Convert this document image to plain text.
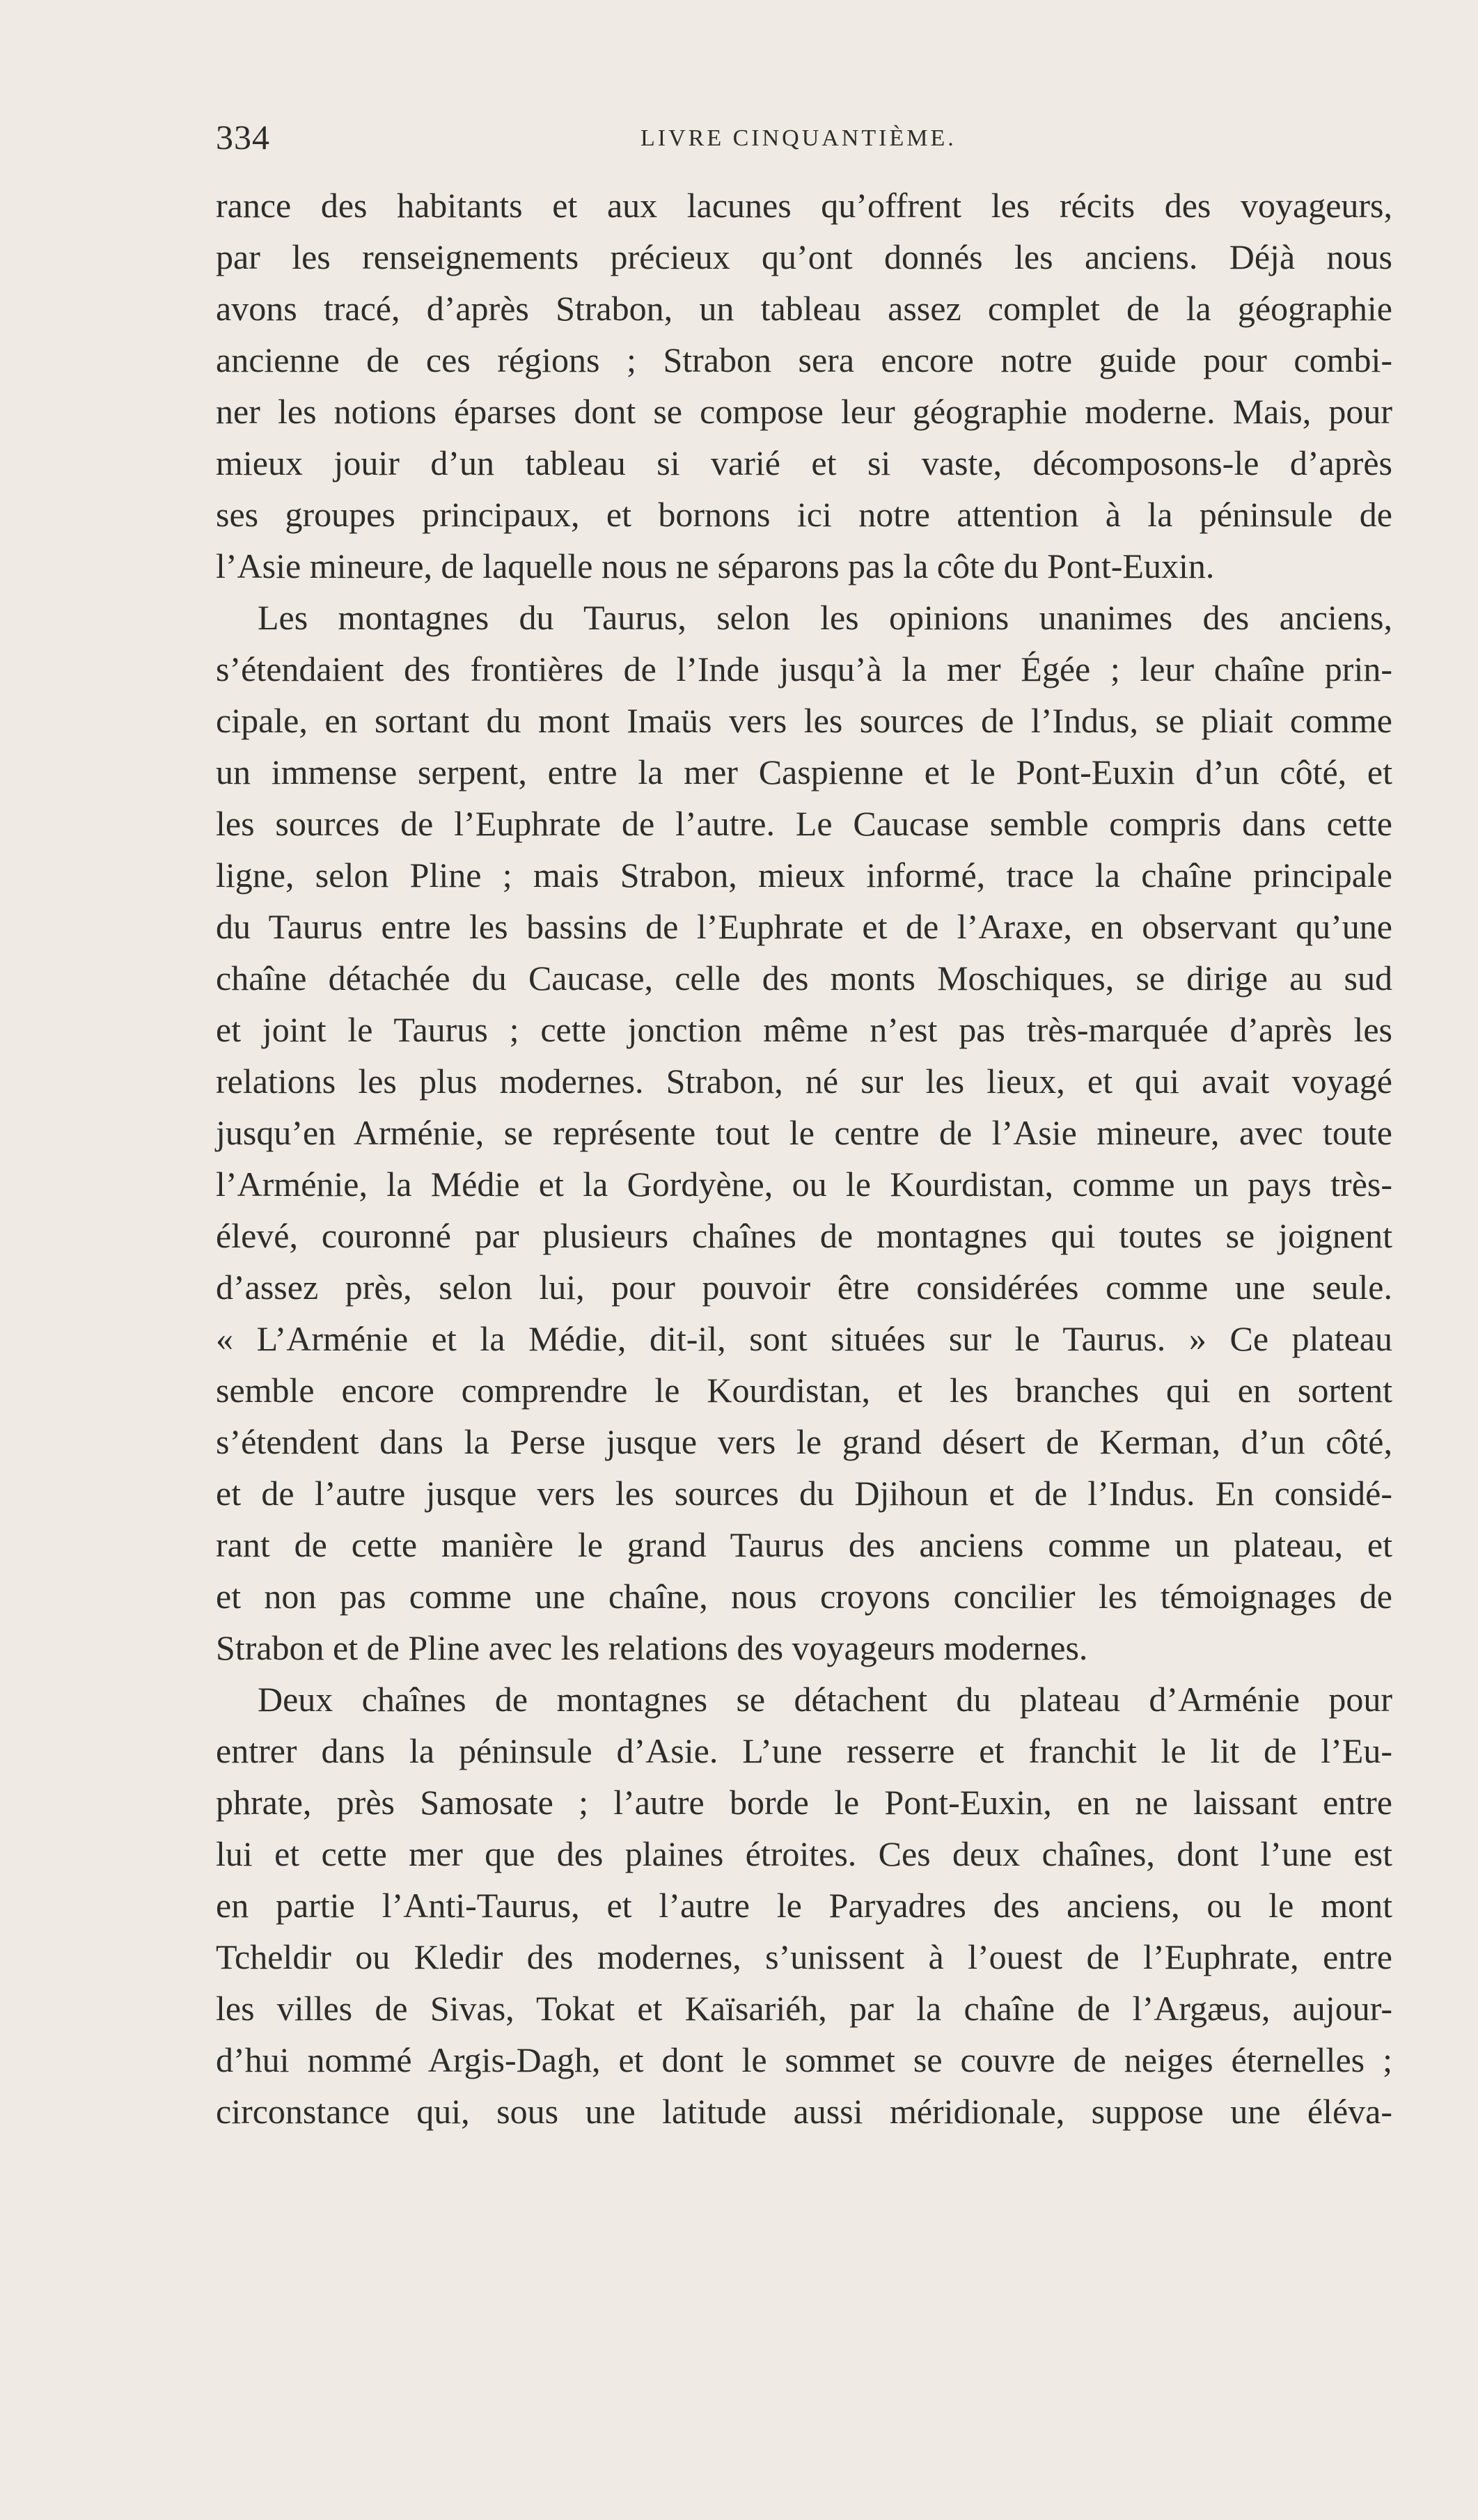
334	LIVRE CINQUANTIÈME.
rance des habitants et aux lacunes qu’offrent les récits des voyageurs,
par les renseignements précieux qu’ont donnés les anciens. Déjà nous
avons tracé, d’après Strabon, un tableau assez complet de la géographie
ancienne de ces régions ; Strabon sera encore notre guide pour combi-
ner les notions éparses dont se compose leur géographie moderne. Mais, pour
mieux jouir d’un tableau si varié et si vaste, décomposons-le d’après
ses groupes principaux, et bornons ici notre attention à la péninsule de
l’Asie mineure, de laquelle nous ne séparons pas la côte du Pont-Euxin.
Les montagnes du Taurus, selon les opinions unanimes des anciens,
s’étendaient des frontières de l’Inde jusqu’à la mer Égée ; leur chaîne prin-
cipale, en sortant du mont Imaüs vers les sources de l’Indus, se pliait comme
un immense serpent, entre la mer Caspienne et le Pont-Euxin d’un côté, et
les sources de l’Euphrate de l’autre. Le Caucase semble compris dans cette
ligne, selon Pline ; mais Strabon, mieux informé, trace la chaîne principale
du Taurus entre les bassins de l’Euphrate et de l’Araxe, en observant qu’une
chaîne détachée du Caucase, celle des monts Moschiques, se dirige au sud
et joint le Taurus ; cette jonction même n’est pas très-marquée d’après les
relations les plus modernes. Strabon, né sur les lieux, et qui avait voyagé
jusqu’en Arménie, se représente tout le centre de l’Asie mineure, avec toute
l’Arménie, la Médie et la Gordyène, ou le Kourdistan, comme un pays très-
élevé, couronné par plusieurs chaînes de montagnes qui toutes se joignent
d’assez près, selon lui, pour pouvoir être considérées comme une seule.
« L’Arménie et la Médie, dit-il, sont situées sur le Taurus. » Ce plateau
semble encore comprendre le Kourdistan, et les branches qui en sortent
s’étendent dans la Perse jusque vers le grand désert de Kerman, d’un côté,
et de l’autre jusque vers les sources du Djihoun et de l’Indus. En considé-
rant de cette manière le grand Taurus des anciens comme un plateau, et
et non pas comme une chaîne, nous croyons concilier les témoignages de
Strabon et de Pline avec les relations des voyageurs modernes.
Deux chaînes de montagnes se détachent du plateau d’Arménie pour
entrer dans la péninsule d’Asie. L’une resserre et franchit le lit de l’Eu-
phrate, près Samosate ; l’autre borde le Pont-Euxin, en ne laissant entre
lui et cette mer que des plaines étroites. Ces deux chaînes, dont l’une est
en partie l’Anti-Taurus, et l’autre le Paryadres des anciens, ou le mont
Tcheldir ou Kledir des modernes, s’unissent à l’ouest de l’Euphrate, entre
les villes de Sivas, Tokat et Kaïsariéh, par la chaîne de l’Argæus, aujour-
d’hui nommé Argis-Dagh, et dont le sommet se couvre de neiges éternelles ;
circonstance qui, sous une latitude aussi méridionale, suppose une éléva-
